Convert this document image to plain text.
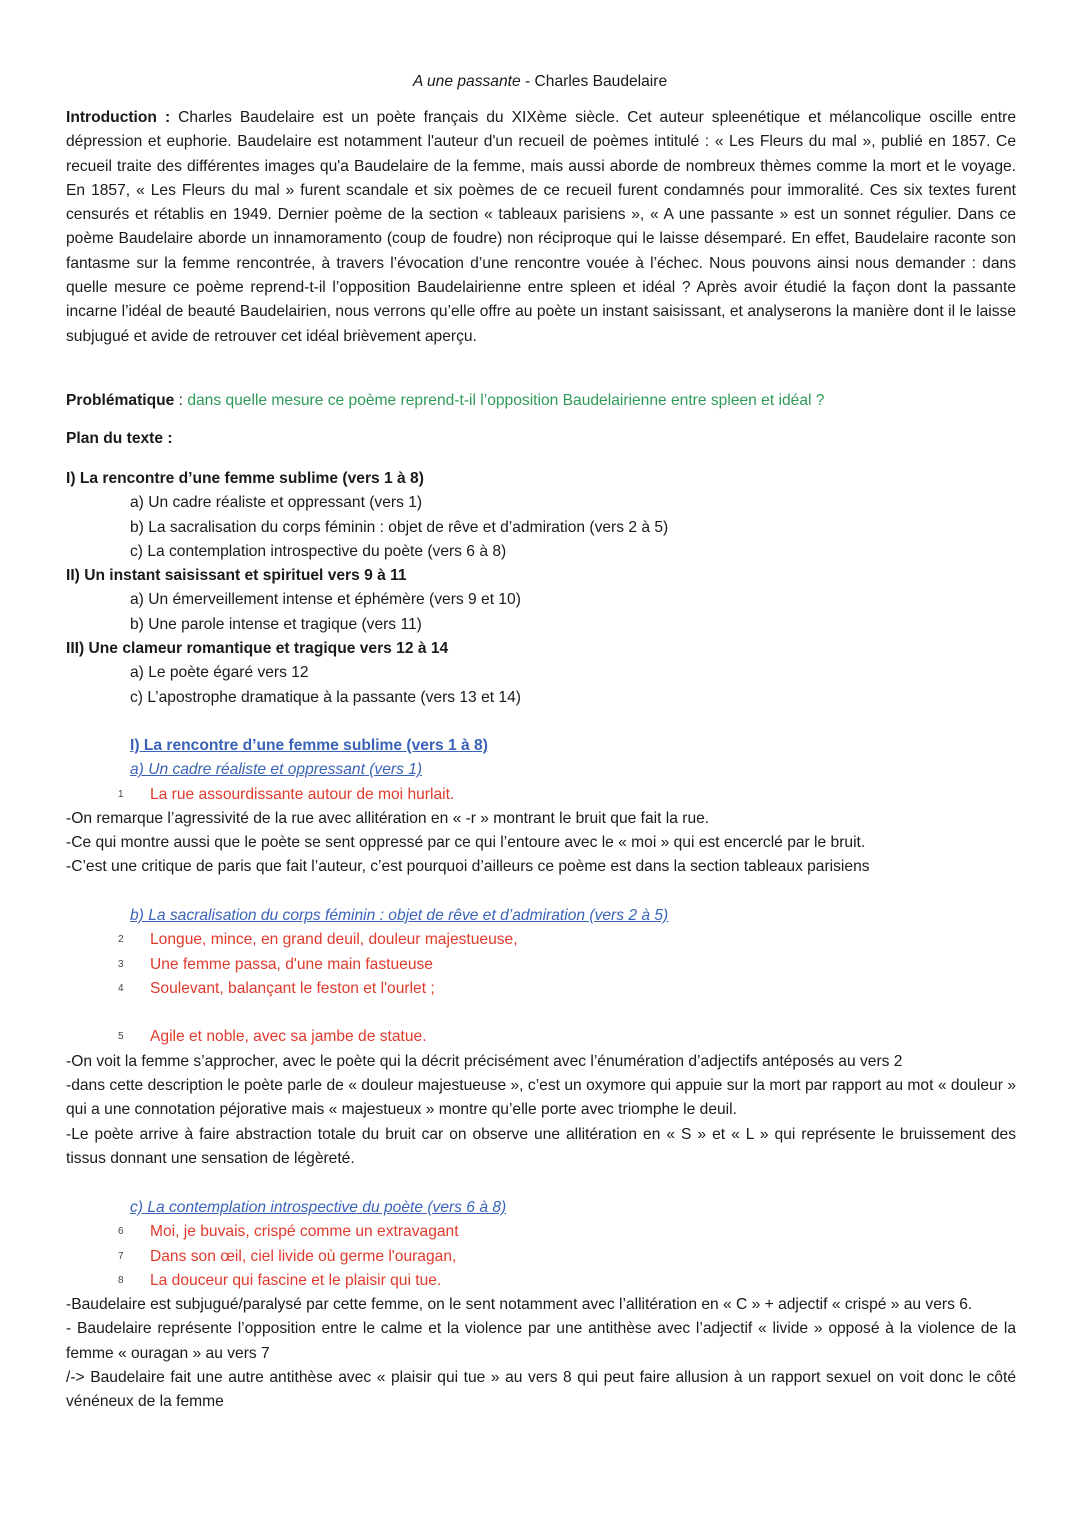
A une passante - Charles Baudelaire
Introduction : Charles Baudelaire est un poète français du XIXème siècle. Cet auteur spleenétique et mélancolique oscille entre dépression et euphorie. Baudelaire est notamment l'auteur d'un recueil de poèmes intitulé : « Les Fleurs du mal », publié en 1857. Ce recueil traite des différentes images qu'a Baudelaire de la femme, mais aussi aborde de nombreux thèmes comme la mort et le voyage. En 1857, « Les Fleurs du mal » furent scandale et six poèmes de ce recueil furent condamnés pour immoralité. Ces six textes furent censurés et rétablis en 1949. Dernier poème de la section « tableaux parisiens », « A une passante » est un sonnet régulier. Dans ce poème Baudelaire aborde un innamoramento (coup de foudre) non réciproque qui le laisse désemparé. En effet, Baudelaire raconte son fantasme sur la femme rencontrée, à travers l’évocation d’une rencontre vouée à l’échec. Nous pouvons ainsi nous demander : dans quelle mesure ce poème reprend-t-il l’opposition Baudelairienne entre spleen et idéal ? Après avoir étudié la façon dont la passante incarne l’idéal de beauté Baudelairien, nous verrons qu’elle offre au poète un instant saisissant, et analyserons la manière dont il le laisse subjugué et avide de retrouver cet idéal brièvement aperçu.
Problématique : dans quelle mesure ce poème reprend-t-il l’opposition Baudelairienne entre spleen et idéal ?
Plan du texte :
I) La rencontre d’une femme sublime (vers 1 à 8)
a) Un cadre réaliste et oppressant (vers 1)
b) La sacralisation du corps féminin : objet de rêve et d’admiration (vers 2 à 5)
c) La contemplation introspective du poète (vers 6 à 8)
II) Un instant saisissant et spirituel vers 9 à 11
a) Un émerveillement intense et éphémère (vers 9 et 10)
b) Une parole intense et tragique (vers 11)
III) Une clameur romantique et tragique vers 12 à 14
a) Le poète égaré vers 12
c) L’apostrophe dramatique à la passante (vers 13 et 14)
I) La rencontre d’une femme sublime (vers 1 à 8)
a) Un cadre réaliste et oppressant (vers 1)
1 La rue assourdissante autour de moi hurlait.
-On remarque l’agressivité de la rue avec allitération en « -r » montrant le bruit que fait la rue.
-Ce qui montre aussi que le poète se sent oppressé par ce qui l’entoure avec le « moi » qui est encerclé par le bruit.
-C’est une critique de paris que fait l’auteur, c’est pourquoi d’ailleurs ce poème est dans la section tableaux parisiens
b) La sacralisation du corps féminin : objet de rêve et d’admiration (vers 2 à 5)
2 Longue, mince, en grand deuil, douleur majestueuse,
3 Une femme passa, d'une main fastueuse
4 Soulevant, balançant le feston et l'ourlet ;
5 Agile et noble, avec sa jambe de statue.
-On voit la femme s’approcher, avec le poète qui la décrit précisément avec l’énumération d’adjectifs antéposés au vers 2
-dans cette description le poète parle de « douleur majestueuse », c’est un oxymore qui appuie sur la mort par rapport au mot « douleur » qui a une connotation péjorative mais « majestueux » montre qu’elle porte avec triomphe le deuil.
-Le poète arrive à faire abstraction totale du bruit car on observe une allitération en « S » et « L » qui représente le bruissement des tissus donnant une sensation de légèreté.
c) La contemplation introspective du poète (vers 6 à 8)
6 Moi, je buvais, crispé comme un extravagant
7 Dans son œil, ciel livide où germe l'ouragan,
8 La douceur qui fascine et le plaisir qui tue.
-Baudelaire est subjugué/paralysé par cette femme, on le sent notamment avec l’allitération en « C » + adjectif « crispé » au vers 6.
- Baudelaire représente l’opposition entre le calme et la violence par une antithèse avec l’adjectif « livide » opposé à la violence de la femme « ouragan » au vers 7
/-> Baudelaire fait une autre antithèse avec « plaisir qui tue » au vers 8 qui peut faire allusion à un rapport sexuel on voit donc le côté vénéneux de la femme
